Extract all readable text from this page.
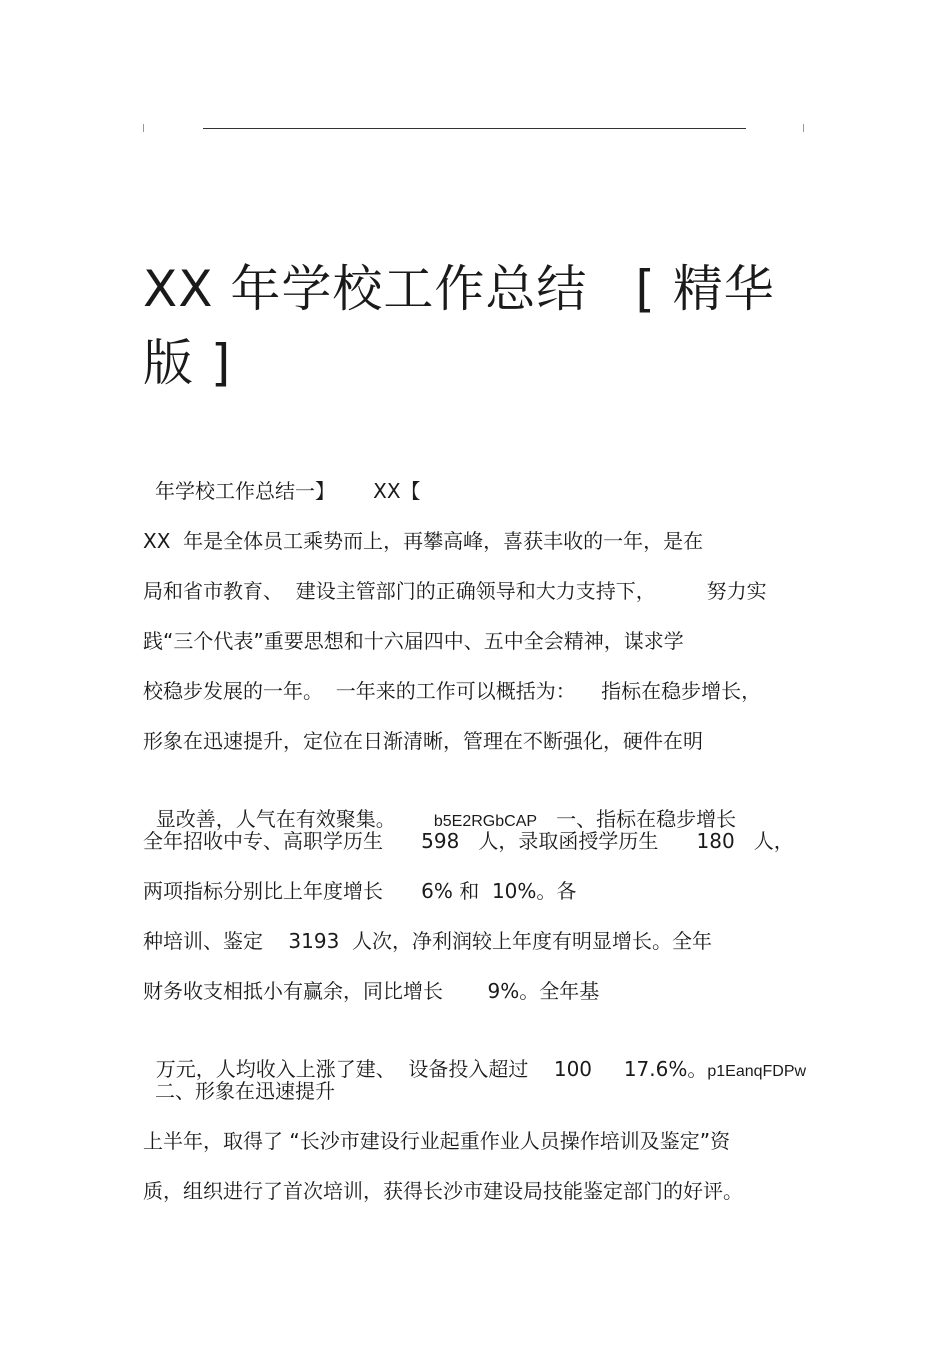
XX 年学校工作总结 [ 精华
版 ]
年学校工作总结一】      XX【
XX  年是全体员工乘势而上，再攀高峰，喜获丰收的一年，是在
局和省市教育、  建设主管部门的正确领导和大力支持下，        努力实
践“三个代表”重要思想和十六届四中、五中全会精神，谋求学
校稳步发展的一年。  一年来的工作可以概括为：    指标在稳步增长，
形象在迅速提升，定位在日渐清晰，管理在不断强化，硬件在明

显改善，人气在有效聚集。 b5E2RGbCAP   一、指标在稳步增长

全年招收中专、高职学历生      598   人，录取函授学历生      180   人，
两项指标分别比上年度增长      6% 和  10%。各
种培训、鉴定    3193  人次，净利润较上年度有明显增长。全年
财务收支相抵小有赢余，同比增长       9%。全年基

万元，人均收入上涨了建、  设备投入超过    100     17.6%。p1EanqFDPw

二、形象在迅速提升
上半年，取得了 “长沙市建设行业起重作业人员操作培训及鉴定”资
质，组织进行了首次培训，获得长沙市建设局技能鉴定部门的好评。
